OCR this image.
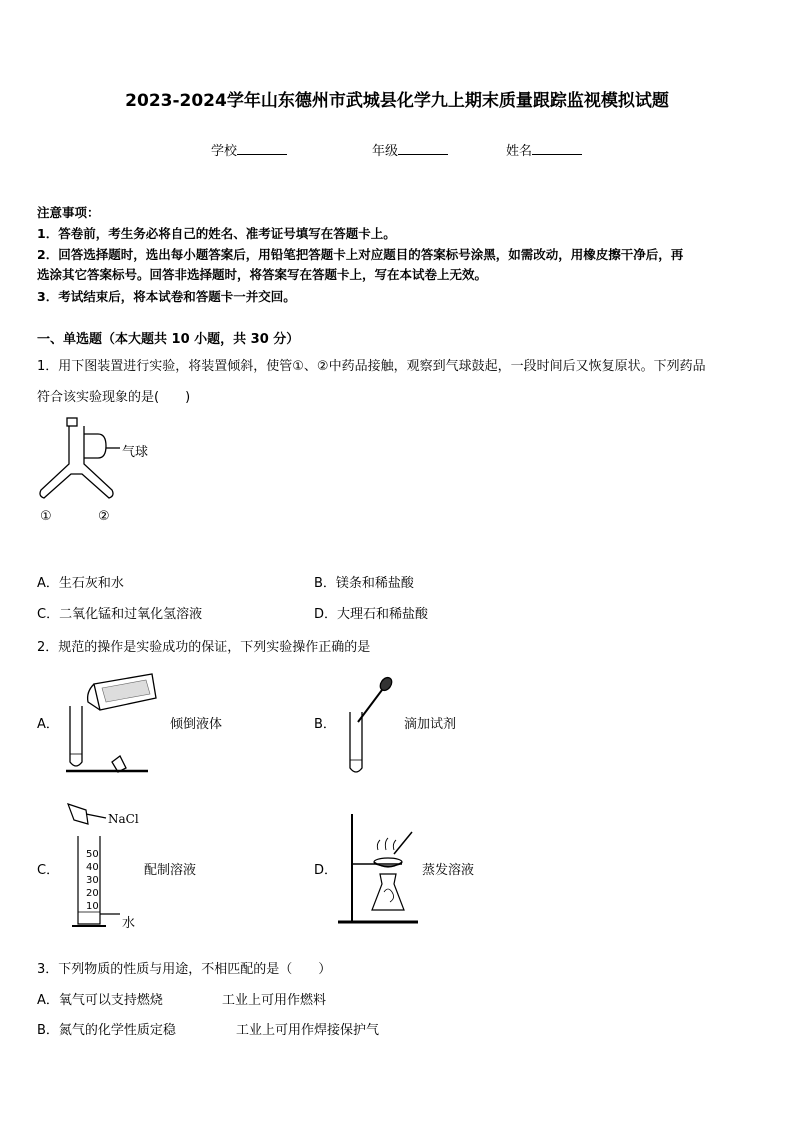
2023-2024学年山东德州市武城县化学九上期末质量跟踪监视模拟试题
学校	年级	姓名
注意事项：
1．答卷前，考生务必将自己的姓名、准考证号填写在答题卡上。
2．回答选择题时，选出每小题答案后，用铅笔把答题卡上对应题目的答案标号涂黑，如需改动，用橡皮擦干净后，再
选涂其它答案标号。回答非选择题时，将答案写在答题卡上，写在本试卷上无效。
3．考试结束后，将本试卷和答题卡一并交回。
一、单选题（本大题共 10 小题，共 30 分）
1．用下图装置进行实验，将装置倾斜，使管①、②中药品接触，观察到气球鼓起，一段时间后又恢复原状。下列药品
符合该实验现象的是(　　)
气球
①	②
A．生石灰和水	B．镁条和稀盐酸
C．二氧化锰和过氧化氢溶液	D．大理石和稀盐酸
2．规范的操作是实验成功的保证，下列实验操作正确的是
A．	倾倒液体	B．	滴加试剂
C．
NaCl
50
40
30
20
10
水
配制溶液	D．	蒸发溶液
3．下列物质的性质与用途，不相匹配的是（　　）
A．氧气可以支持燃烧	工业上可用作燃料
B．氮气的化学性质定稳	工业上可用作焊接保护气
